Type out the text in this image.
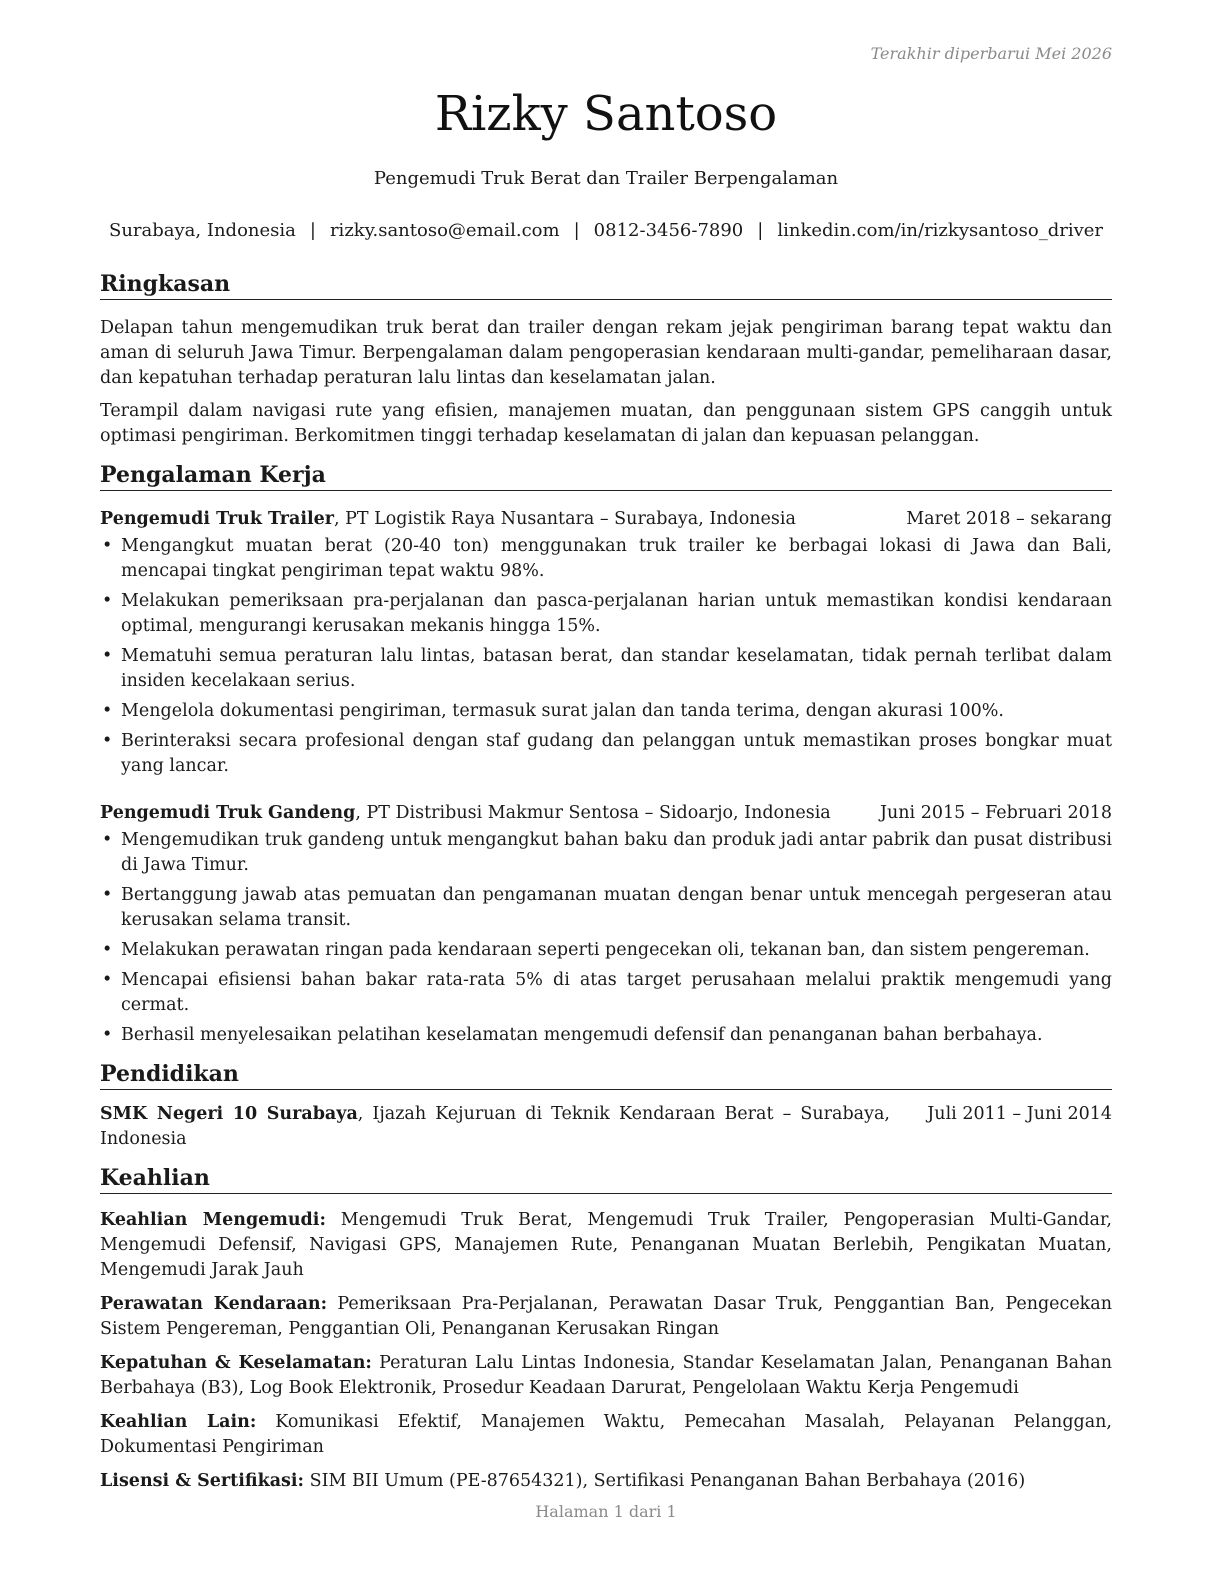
Terakhir diperbarui Mei 2026
Rizky Santoso
Pengemudi Truk Berat dan Trailer Berpengalaman
Surabaya, Indonesia | rizky.santoso@email.com | 0812-3456-7890 | linkedin.com/in/rizkysantoso_driver
Ringkasan

Delapan tahun mengemudikan truk berat dan trailer dengan rekam jejak pengiriman barang tepat waktu dan aman di seluruh Jawa Timur. Berpengalaman dalam pengoperasian kendaraan multi-gandar, pemeliharaan dasar, dan kepatuhan terhadap peraturan lalu lintas dan keselamatan jalan.

Terampil dalam navigasi rute yang efisien, manajemen muatan, dan penggunaan sistem GPS canggih untuk optimasi pengiriman. Berkomitmen tinggi terhadap keselamatan di jalan dan kepuasan pelanggan.

Pengalaman Kerja
Pengemudi Truk Trailer, PT Logistik Raya Nusantara – Surabaya, Indonesia	Maret 2018 – sekarang
• Mengangkut muatan berat (20-40 ton) menggunakan truk trailer ke berbagai lokasi di Jawa dan Bali, mencapai tingkat pengiriman tepat waktu 98%.
• Melakukan pemeriksaan pra-perjalanan dan pasca-perjalanan harian untuk memastikan kondisi kendaraan optimal, mengurangi kerusakan mekanis hingga 15%.
• Mematuhi semua peraturan lalu lintas, batasan berat, dan standar keselamatan, tidak pernah terlibat dalam insiden kecelakaan serius.
• Mengelola dokumentasi pengiriman, termasuk surat jalan dan tanda terima, dengan akurasi 100%.
• Berinteraksi secara profesional dengan staf gudang dan pelanggan untuk memastikan proses bongkar muat yang lancar.
Pengemudi Truk Gandeng, PT Distribusi Makmur Sentosa – Sidoarjo, Indonesia	Juni 2015 – Februari 2018
• Mengemudikan truk gandeng untuk mengangkut bahan baku dan produk jadi antar pabrik dan pusat distribusi di Jawa Timur.
• Bertanggung jawab atas pemuatan dan pengamanan muatan dengan benar untuk mencegah pergeseran atau kerusakan selama transit.
• Melakukan perawatan ringan pada kendaraan seperti pengecekan oli, tekanan ban, dan sistem pengereman.
• Mencapai efisiensi bahan bakar rata-rata 5% di atas target perusahaan melalui praktik mengemudi yang cermat.
• Berhasil menyelesaikan pelatihan keselamatan mengemudi defensif dan penanganan bahan berbahaya.
Pendidikan
SMK Negeri 10 Surabaya, Ijazah Kejuruan di Teknik Kendaraan Berat – Surabaya, Indonesia
Juli 2011 – Juni 2014
Keahlian

Keahlian Mengemudi: Mengemudi Truk Berat, Mengemudi Truk Trailer, Pengoperasian Multi-Gandar, Mengemudi Defensif, Navigasi GPS, Manajemen Rute, Penanganan Muatan Berlebih, Pengikatan Muatan, Mengemudi Jarak Jauh

Perawatan Kendaraan: Pemeriksaan Pra-Perjalanan, Perawatan Dasar Truk, Penggantian Ban, Pengecekan Sistem Pengereman, Penggantian Oli, Penanganan Kerusakan Ringan

Kepatuhan & Keselamatan: Peraturan Lalu Lintas Indonesia, Standar Keselamatan Jalan, Penanganan Bahan Berbahaya (B3), Log Book Elektronik, Prosedur Keadaan Darurat, Pengelolaan Waktu Kerja Pengemudi

Keahlian Lain: Komunikasi Efektif, Manajemen Waktu, Pemecahan Masalah, Pelayanan Pelanggan, Dokumentasi Pengiriman

Lisensi & Sertifikasi: SIM BII Umum (PE-87654321), Sertifikasi Penanganan Bahan Berbahaya (2016)

Halaman 1 dari 1
